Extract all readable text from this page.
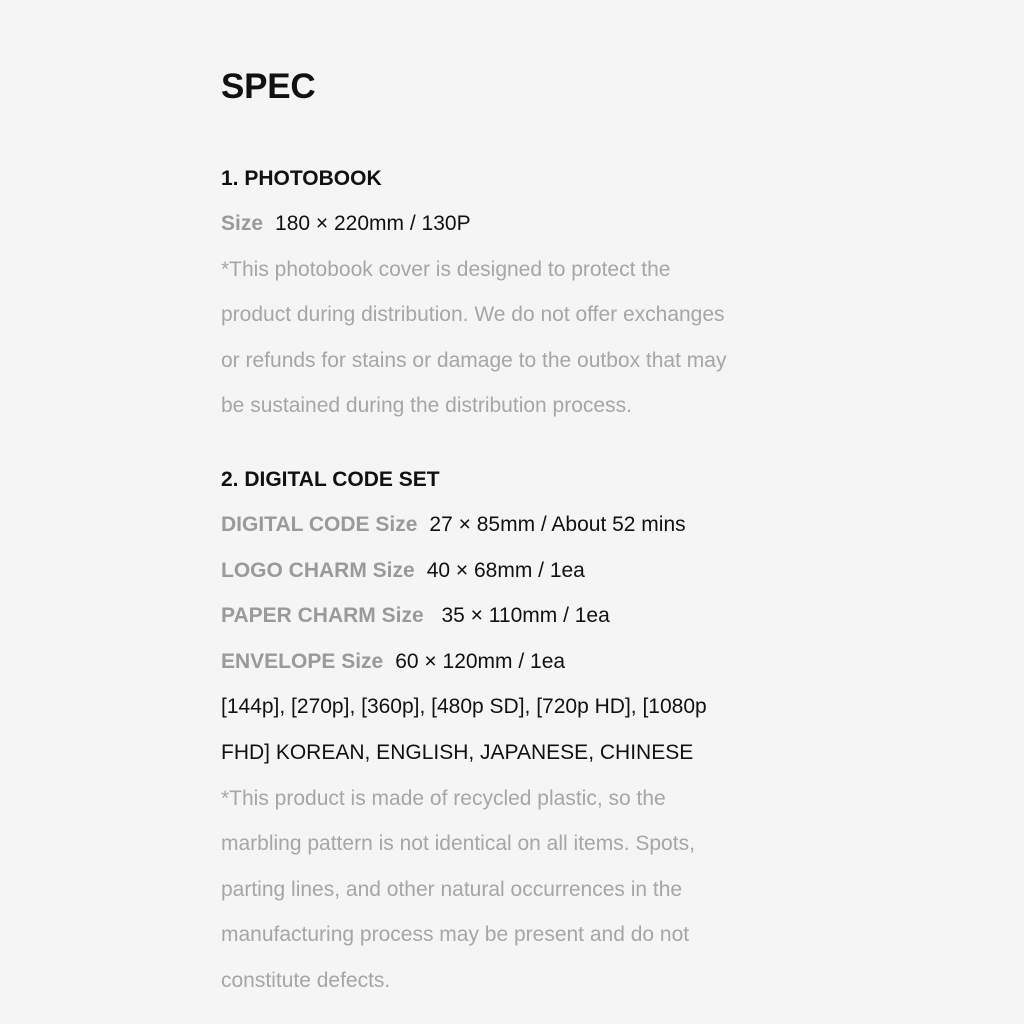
SPEC
1. PHOTOBOOK
Size 180 × 220mm / 130P
*This photobook cover is designed to protect the
product during distribution. We do not offer exchanges
or refunds for stains or damage to the outbox that may
be sustained during the distribution process.
2. DIGITAL CODE SET
DIGITAL CODE Size 27 × 85mm / About 52 mins
LOGO CHARM Size 40 × 68mm / 1ea
PAPER CHARM Size 35 × 110mm / 1ea
ENVELOPE Size 60 × 120mm / 1ea
[144p], [270p], [360p], [480p SD], [720p HD], [1080p
FHD] KOREAN, ENGLISH, JAPANESE, CHINESE
*This product is made of recycled plastic, so the
marbling pattern is not identical on all items. Spots,
parting lines, and other natural occurrences in the
manufacturing process may be present and do not
constitute defects.
